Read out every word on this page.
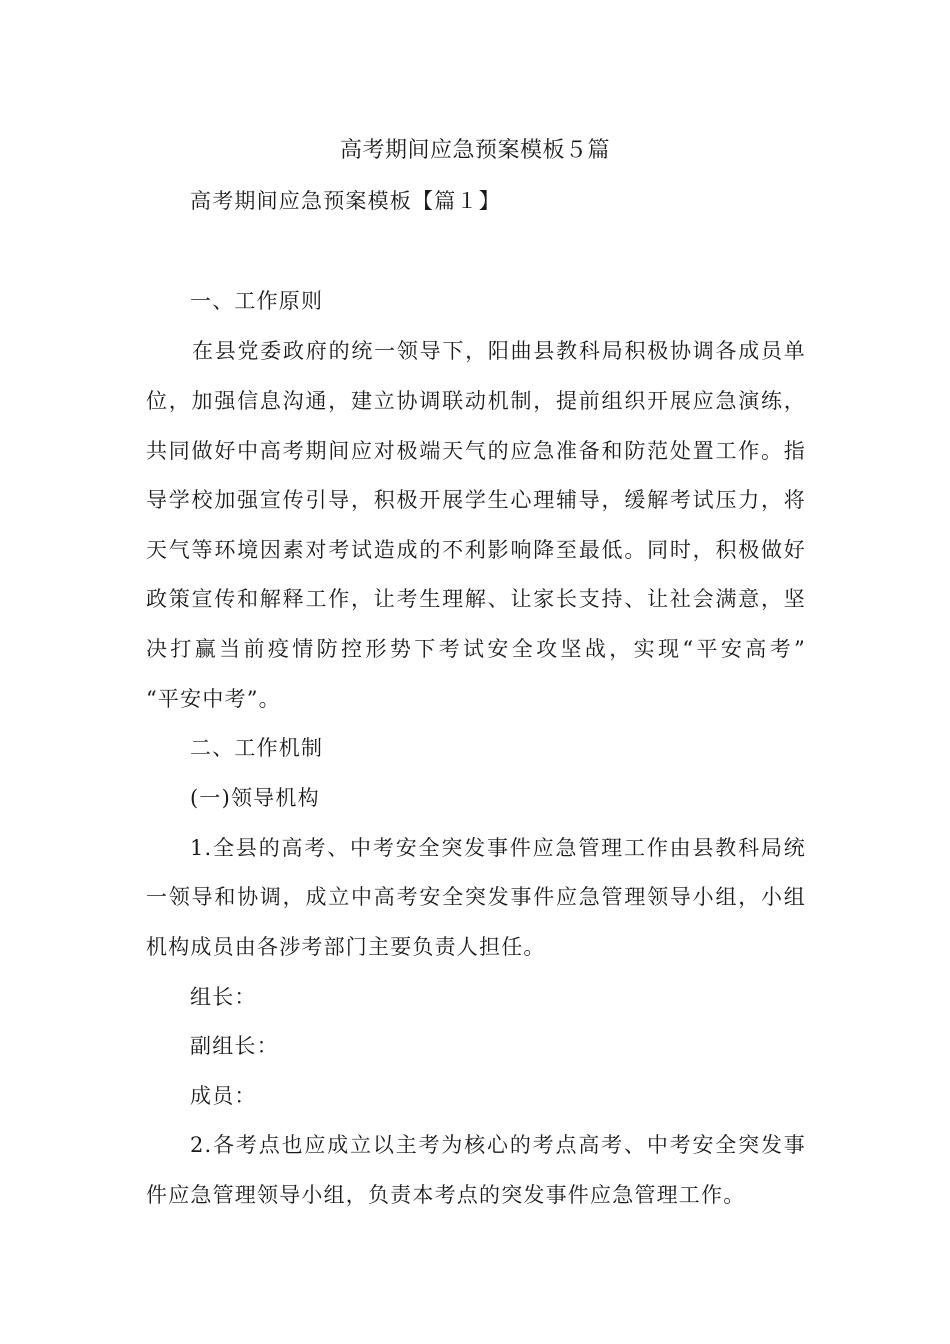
高考期间应急预案模板５篇
高考期间应急预案模板【篇１】
一、工作原则
在县党委政府的统一领导下，阳曲县教科局积极协调各成员单
位，加强信息沟通，建立协调联动机制，提前组织开展应急演练，
共同做好中高考期间应对极端天气的应急准备和防范处置工作。指
导学校加强宣传引导，积极开展学生心理辅导，缓解考试压力，将
天气等环境因素对考试造成的不利影响降至最低。同时，积极做好
政策宣传和解释工作，让考生理解、让家长支持、让社会满意，坚
决打赢当前疫情防控形势下考试安全攻坚战，实现“平安高考”
“平安中考”。
二、工作机制
(一)领导机构
1.全县的高考、中考安全突发事件应急管理工作由县教科局统
一领导和协调，成立中高考安全突发事件应急管理领导小组，小组
机构成员由各涉考部门主要负责人担任。
组长：
副组长：
成员：
2.各考点也应成立以主考为核心的考点高考、中考安全突发事
件应急管理领导小组，负责本考点的突发事件应急管理工作。
